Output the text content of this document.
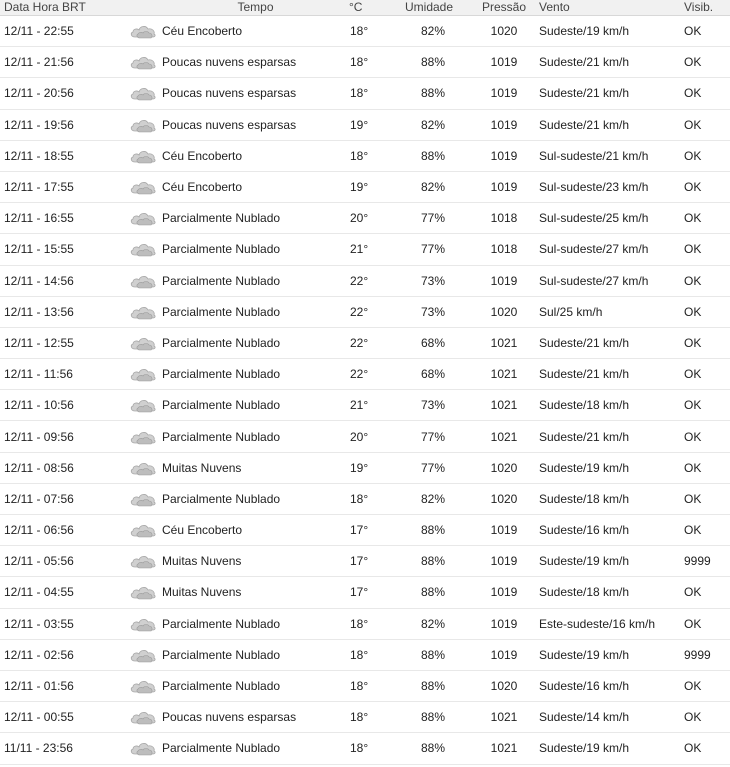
Data Hora BRT		Tempo	°C	Umidade	Pressão	Vento	Visib.
12/11 - 22:55		Céu Encoberto	18°	82%	1020	Sudeste/19 km/h	OK
12/11 - 21:56		Poucas nuvens esparsas	18°	88%	1019	Sudeste/21 km/h	OK
12/11 - 20:56		Poucas nuvens esparsas	18°	88%	1019	Sudeste/21 km/h	OK
12/11 - 19:56		Poucas nuvens esparsas	19°	82%	1019	Sudeste/21 km/h	OK
12/11 - 18:55		Céu Encoberto	18°	88%	1019	Sul-sudeste/21 km/h	OK
12/11 - 17:55		Céu Encoberto	19°	82%	1019	Sul-sudeste/23 km/h	OK
12/11 - 16:55		Parcialmente Nublado	20°	77%	1018	Sul-sudeste/25 km/h	OK
12/11 - 15:55		Parcialmente Nublado	21°	77%	1018	Sul-sudeste/27 km/h	OK
12/11 - 14:56		Parcialmente Nublado	22°	73%	1019	Sul-sudeste/27 km/h	OK
12/11 - 13:56		Parcialmente Nublado	22°	73%	1020	Sul/25 km/h	OK
12/11 - 12:55		Parcialmente Nublado	22°	68%	1021	Sudeste/21 km/h	OK
12/11 - 11:56		Parcialmente Nublado	22°	68%	1021	Sudeste/21 km/h	OK
12/11 - 10:56		Parcialmente Nublado	21°	73%	1021	Sudeste/18 km/h	OK
12/11 - 09:56		Parcialmente Nublado	20°	77%	1021	Sudeste/21 km/h	OK
12/11 - 08:56		Muitas Nuvens	19°	77%	1020	Sudeste/19 km/h	OK
12/11 - 07:56		Parcialmente Nublado	18°	82%	1020	Sudeste/18 km/h	OK
12/11 - 06:56		Céu Encoberto	17°	88%	1019	Sudeste/16 km/h	OK
12/11 - 05:56		Muitas Nuvens	17°	88%	1019	Sudeste/19 km/h	9999
12/11 - 04:55		Muitas Nuvens	17°	88%	1019	Sudeste/18 km/h	OK
12/11 - 03:55		Parcialmente Nublado	18°	82%	1019	Este-sudeste/16 km/h	OK
12/11 - 02:56		Parcialmente Nublado	18°	88%	1019	Sudeste/19 km/h	9999
12/11 - 01:56		Parcialmente Nublado	18°	88%	1020	Sudeste/16 km/h	OK
12/11 - 00:55		Poucas nuvens esparsas	18°	88%	1021	Sudeste/14 km/h	OK
11/11 - 23:56		Parcialmente Nublado	18°	88%	1021	Sudeste/19 km/h	OK
